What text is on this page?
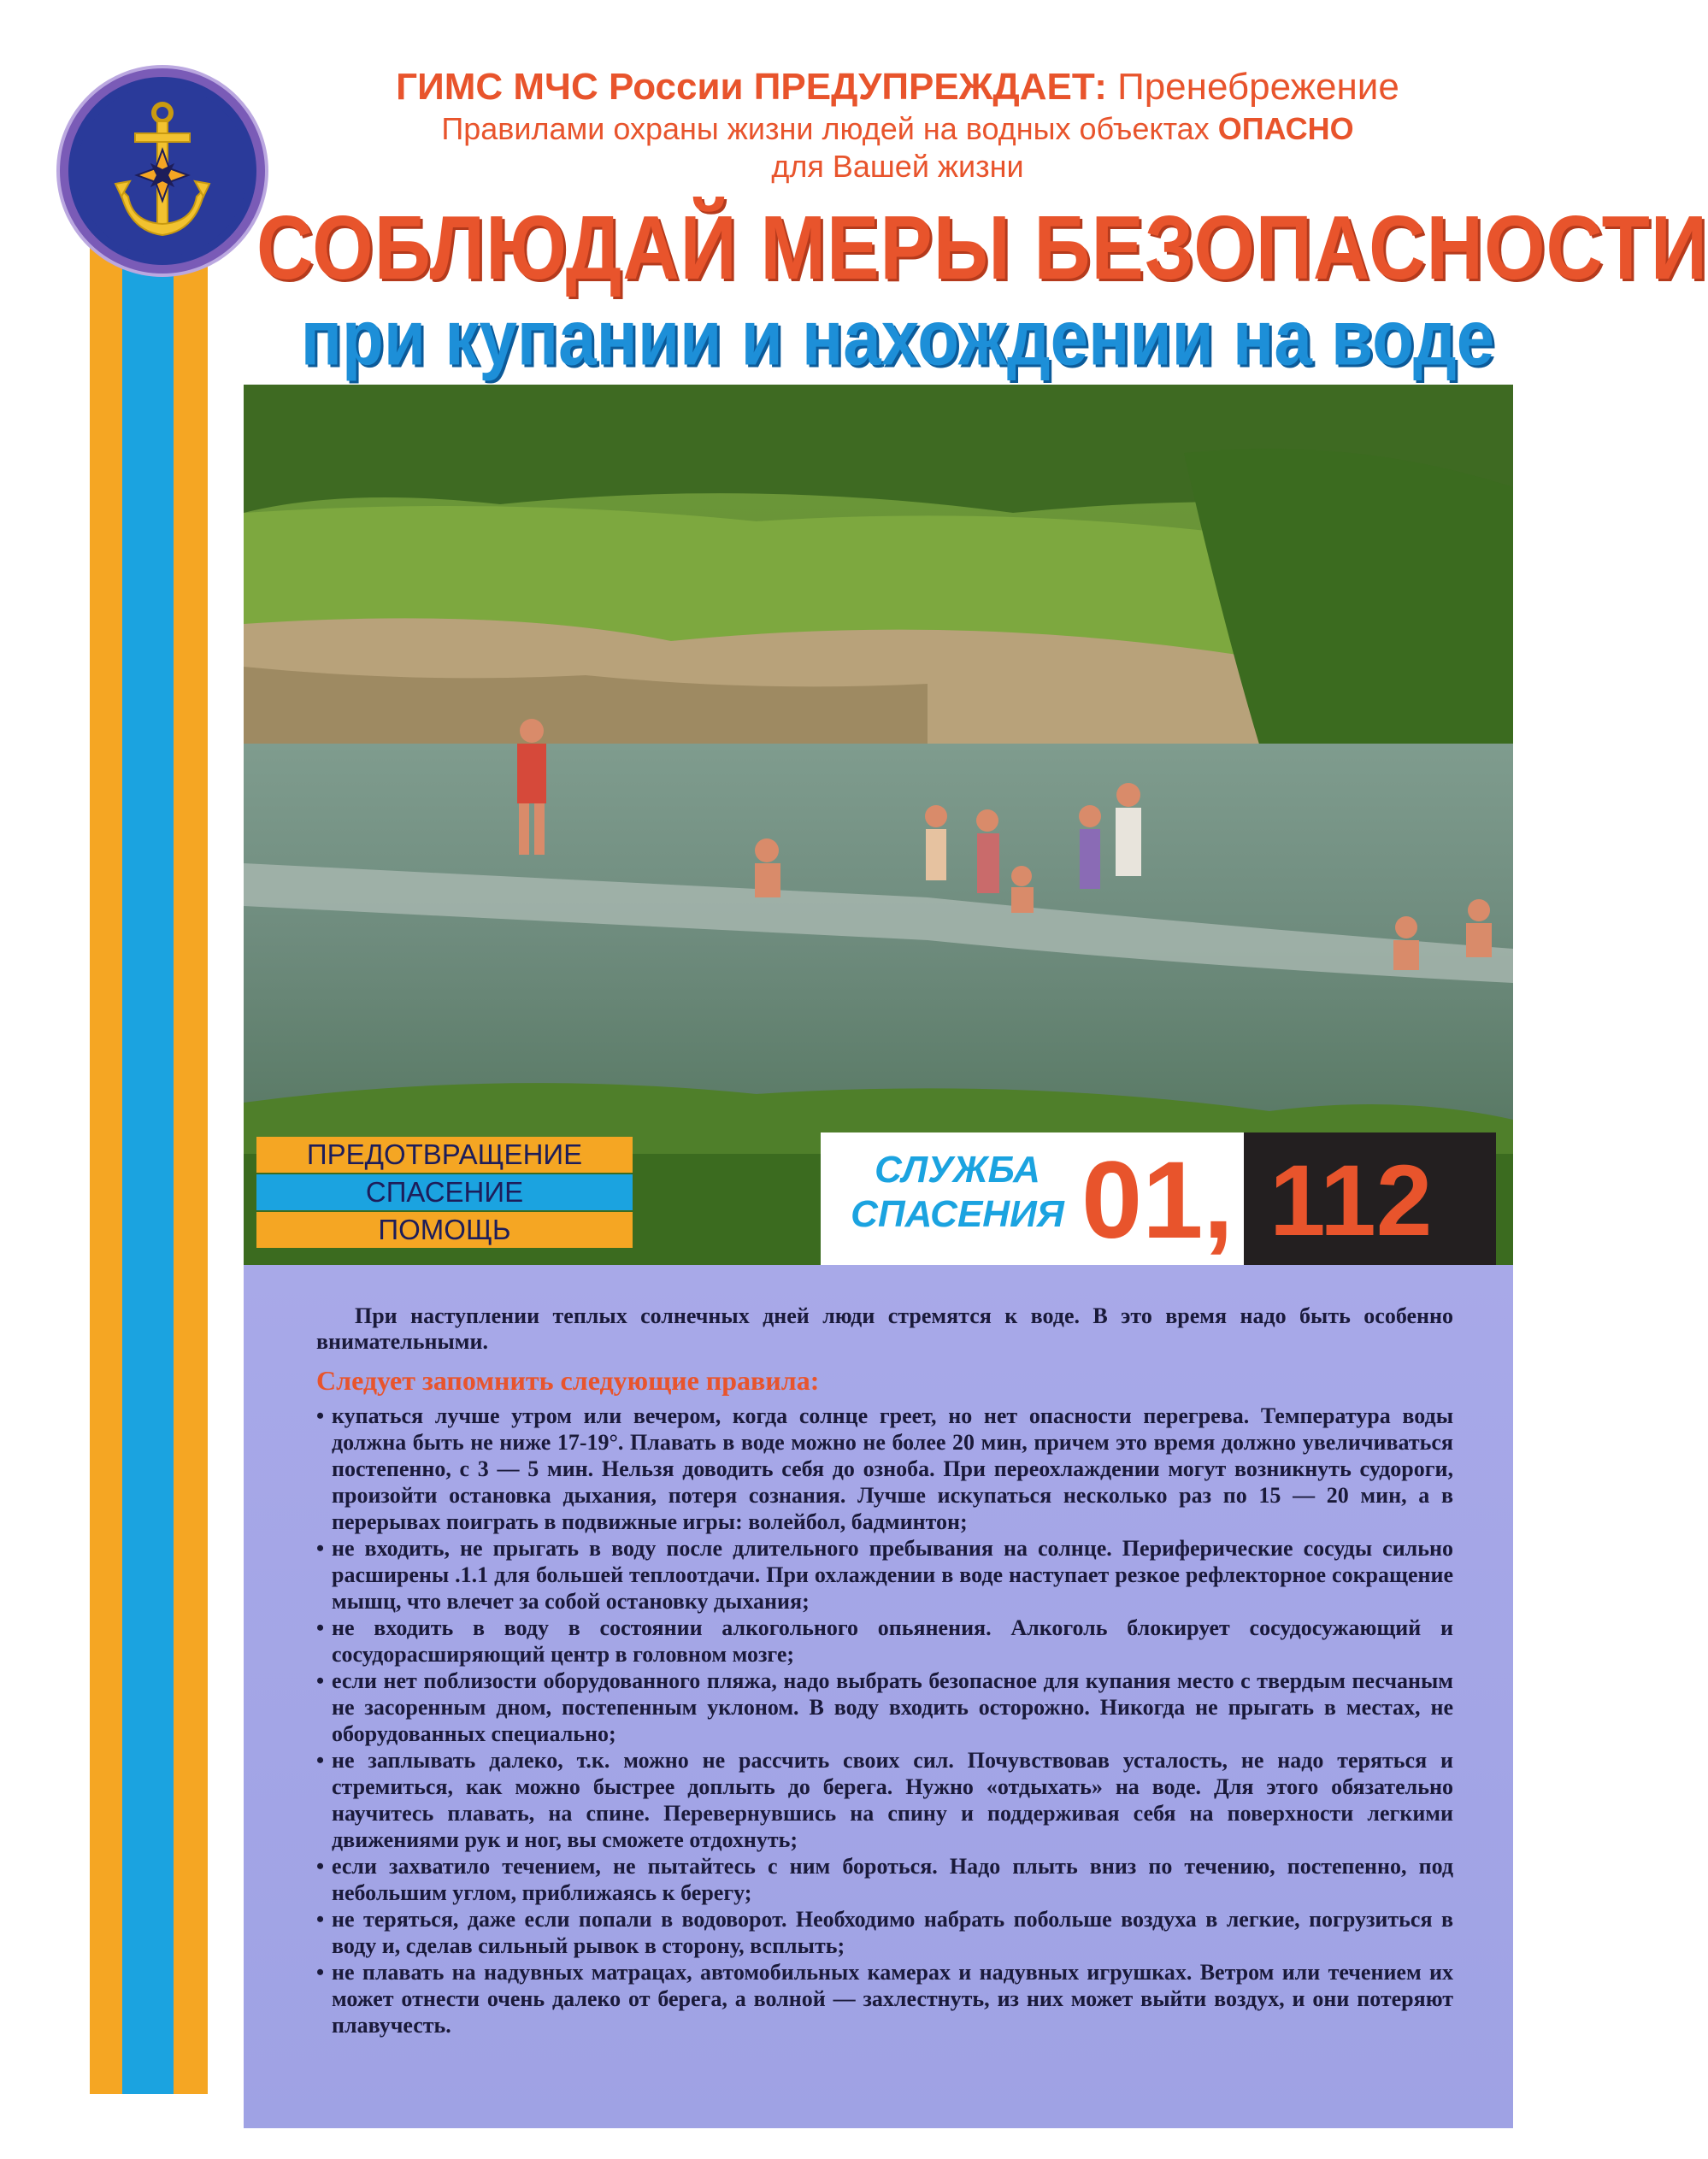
ГИМС МЧС России ПРЕДУПРЕЖДАЕТ: Пренебрежение
Правилами охраны жизни людей на водных объектах ОПАСНО
для Вашей жизни
СОБЛЮДАЙ МЕРЫ БЕЗОПАСНОСТИ
при купании и нахождении на воде
ПРЕДОТВРАЩЕНИЕ
СПАСЕНИЕ
ПОМОЩЬ
СЛУЖБА
СПАСЕНИЯ 01, 112

При наступлении теплых солнечных дней люди стремятся к воде. В это время надо быть особенно внимательными.

Следует запомнить следующие правила:
• купаться лучше утром или вечером, когда солнце греет, но нет опасности перегрева. Температура воды должна быть не ниже 17-19°. Плавать в воде можно не более 20 мин, причем это время должно увеличиваться постепенно, с 3 — 5 мин. Нельзя доводить себя до озноба. При переохлаждении могут возникнуть судороги, произойти остановка дыхания, потеря сознания. Лучше искупаться несколько раз по 15 — 20 мин, а в перерывах поиграть в подвижные игры: волейбол, бадминтон;
• не входить, не прыгать в воду после длительного пребывания на солнце. Периферические сосуды сильно расширены .1.1 для большей теплоотдачи. При охлаждении в воде наступает резкое рефлекторное сокращение мышц, что влечет за собой остановку дыхания;
• не входить в воду в состоянии алкогольного опьянения. Алкоголь блокирует сосудосужающий и сосудорасширяющий центр в головном мозге;
• если нет поблизости оборудованного пляжа, надо выбрать безопасное для купания место с твердым песчаным не засоренным дном, постепенным уклоном. В воду входить осторожно. Никогда не прыгать в местах, не оборудованных специально;
• не заплывать далеко, т.к. можно не рассчить своих сил. Почувствовав усталость, не надо теряться и стремиться, как можно быстрее доплыть до берега. Нужно «отдыхать» на воде. Для этого обязательно научитесь плавать, на спине. Перевернувшись на спину и поддерживая себя на поверхности легкими движениями рук и ног, вы сможете отдохнуть;
• если захватило течением, не пытайтесь с ним бороться. Надо плыть вниз по течению, постепенно, под небольшим углом, приближаясь к берегу;
• не теряться, даже если попали в водоворот. Необходимо набрать побольше воздуха в легкие, погрузиться в воду и, сделав сильный рывок в сторону, всплыть;
• не плавать на надувных матрацах, автомобильных камерах и надувных игрушках. Ветром или течением их может отнести очень далеко от берега, а волной — захлестнуть, из них может выйти воздух, и они потеряют плавучесть.
